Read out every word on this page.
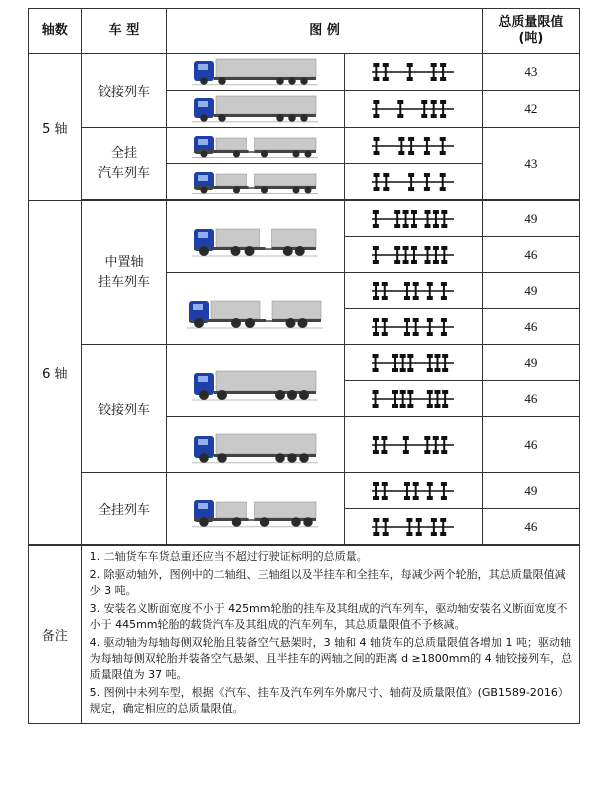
轴数	车 型	图 例		总质量限值
(吨)

5 轴	铰接列车			43

	42

	全挂
汽车列车			43

6 轴	中置轴
挂车列车			49

	46

	49

	46
	铰接列车			49

	46

	46
	全挂列车			49

	46

备注	1. 二轴货车车货总重还应当不超过行驶证标明的总质量。
2. 除驱动轴外，图例中的二轴组、三轴组以及半挂车和全挂车，每减少两个轮胎，其总质量限值减少 3 吨。
3. 安装名义断面宽度不小于 425mm轮胎的挂车及其组成的汽车列车，驱动轴安装名义断面宽度不小于 445mm轮胎的载货汽车及其组成的汽车列车，其总质量限值不予核减。
4. 驱动轴为每轴每侧双轮胎且装备空气悬架时，3 轴和 4 轴货车的总质量限值各增加 1 吨；驱动轴为每轴每侧双轮胎并装备空气悬架、且半挂车的两轴之间的距离 d ≥1800mm的 4 轴铰接列车，总质量限值为 37 吨。
5. 图例中未列车型，根据《汽车、挂车及汽车列车外廓尺寸、轴荷及质量限值》(GB1589-2016）规定，确定相应的总质量限值。			
